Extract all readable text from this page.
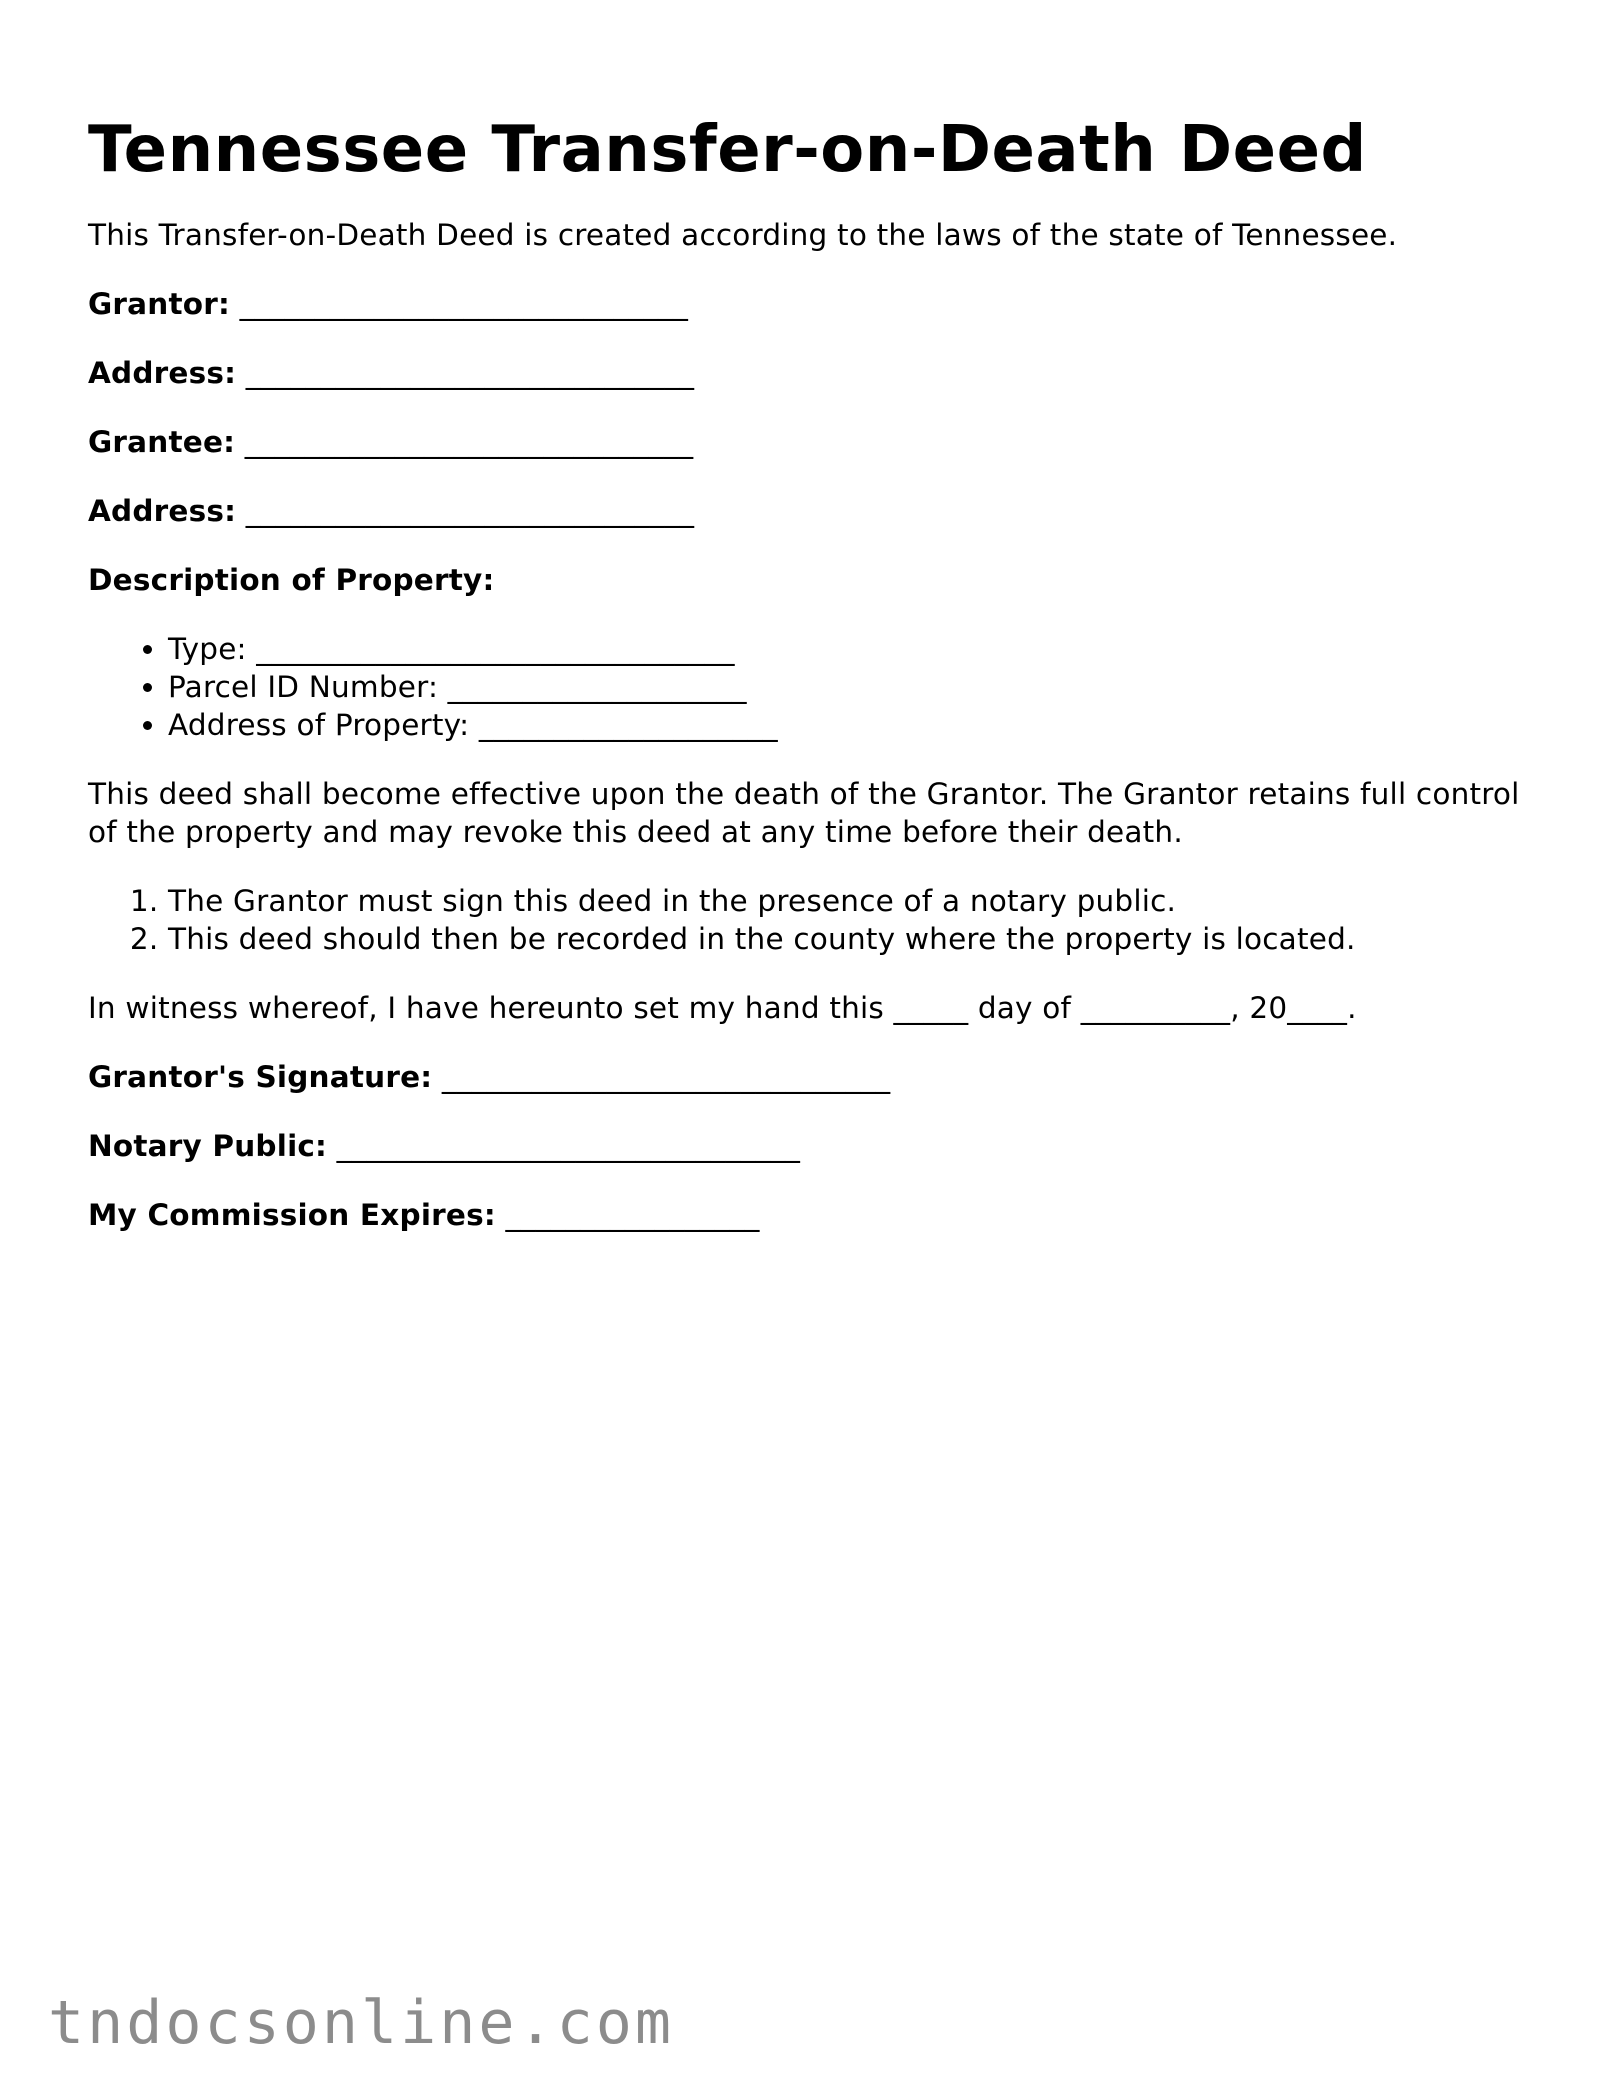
Tennessee Transfer-on-Death Deed

This Transfer-on-Death Deed is created according to the laws of the state of Tennessee.

Grantor: ______________________________
Address: ______________________________
Grantee: ______________________________
Address: ______________________________
Description of Property:
• Type: ________________________________
• Parcel ID Number: ____________________
• Address of Property: ____________________

This deed shall become effective upon the death of the Grantor. The Grantor retains full control of the property and may revoke this deed at any time before their death.

1. The Grantor must sign this deed in the presence of a notary public.
2. This deed should then be recorded in the county where the property is located.

In witness whereof, I have hereunto set my hand this _____ day of __________, 20____.

Grantor's Signature: ______________________________
Notary Public: _______________________________
My Commission Expires: _________________
tndocsonline.com
